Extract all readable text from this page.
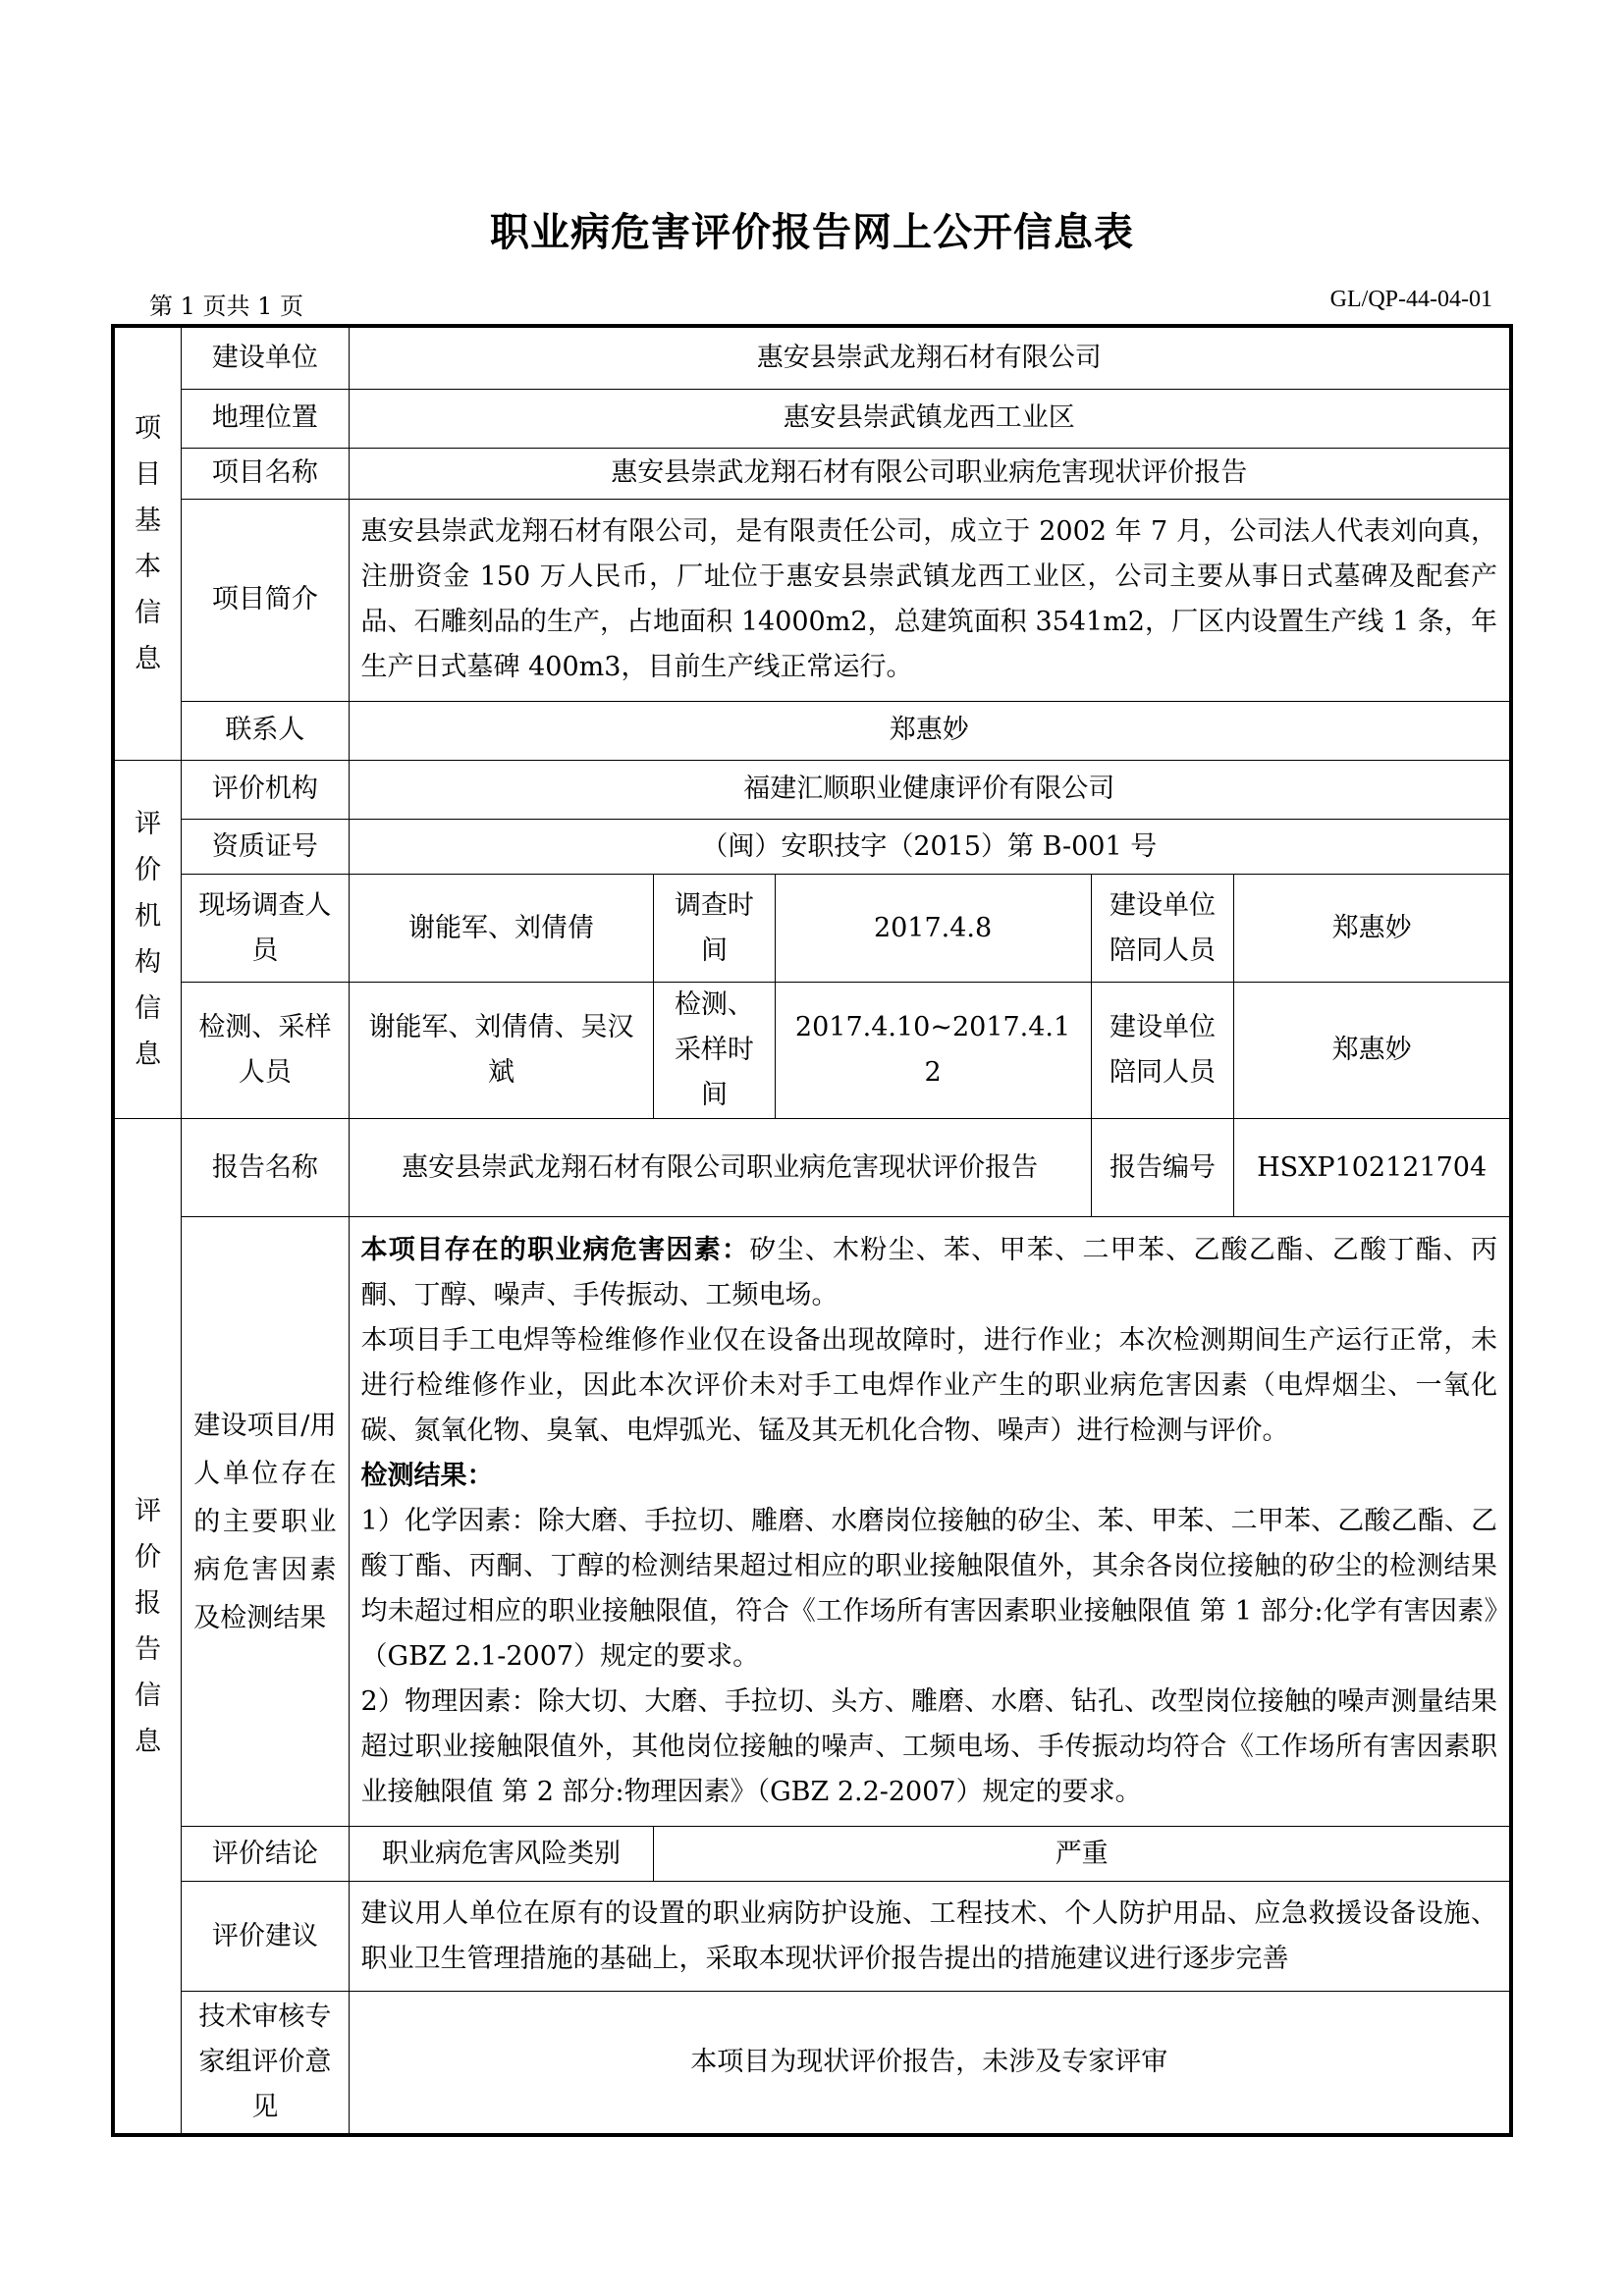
职业病危害评价报告网上公开信息表
第 1 页共 1 页	GL/QP-44-04-01
项目基本信息	建设单位	惠安县崇武龙翔石材有限公司				
	地理位置	惠安县崇武镇龙西工业区				
	项目名称	惠安县崇武龙翔石材有限公司职业病危害现状评价报告				
	项目简介	惠安县崇武龙翔石材有限公司，是有限责任公司，成立于 2002 年 7 月，公司法人代表刘向真，注册资金 150 万人民币，厂址位于惠安县崇武镇龙西工业区，公司主要从事日式墓碑及配套产品、石雕刻品的生产，占地面积 14000m2，总建筑面积 3541m2，厂区内设置生产线 1 条，年生产日式墓碑 400m3，目前生产线正常运行。				
	联系人	郑惠妙				

评价机构信息	评价机构	福建汇顺职业健康评价有限公司				
	资质证号	（闽）安职技字（2015）第 B-001 号				
	现场调查人员	谢能军、刘倩倩	调查时间	2017.4.8	建设单位陪同人员	郑惠妙
	检测、采样人员	谢能军、刘倩倩、吴汉斌	检测、采样时间	2017.4.10~2017.4.12	建设单位陪同人员	郑惠妙

评价报告信息	报告名称	惠安县崇武龙翔石材有限公司职业病危害现状评价报告			报告编号	HSXP102121704
	建设项目/用人单位存在的主要职业病危害因素及检测结果	本项目存在的职业病危害因素：矽尘、木粉尘、苯、甲苯、二甲苯、乙酸乙酯、乙酸丁酯、丙酮、丁醇、噪声、手传振动、工频电场。
本项目手工电焊等检维修作业仅在设备出现故障时，进行作业；本次检测期间生产运行正常，未进行检维修作业，因此本次评价未对手工电焊作业产生的职业病危害因素（电焊烟尘、一氧化碳、氮氧化物、臭氧、电焊弧光、锰及其无机化合物、噪声）进行检测与评价。
检测结果：
1）化学因素：除大磨、手拉切、雕磨、水磨岗位接触的矽尘、苯、甲苯、二甲苯、乙酸乙酯、乙酸丁酯、丙酮、丁醇的检测结果超过相应的职业接触限值外，其余各岗位接触的矽尘的检测结果均未超过相应的职业接触限值，符合《工作场所有害因素职业接触限值 第 1 部分:化学有害因素》（GBZ 2.1-2007）规定的要求。
2）物理因素：除大切、大磨、手拉切、头方、雕磨、水磨、钻孔、改型岗位接触的噪声测量结果超过职业接触限值外，其他岗位接触的噪声、工频电场、手传振动均符合《工作场所有害因素职业接触限值 第 2 部分:物理因素》（GBZ 2.2-2007）规定的要求。				

	评价结论	职业病危害风险类别	严重			
	评价建议	建议用人单位在原有的设置的职业病防护设施、工程技术、个人防护用品、应急救援设备设施、职业卫生管理措施的基础上，采取本现状评价报告提出的措施建议进行逐步完善				
	技术审核专家组评价意见	本项目为现状评价报告，未涉及专家评审				
